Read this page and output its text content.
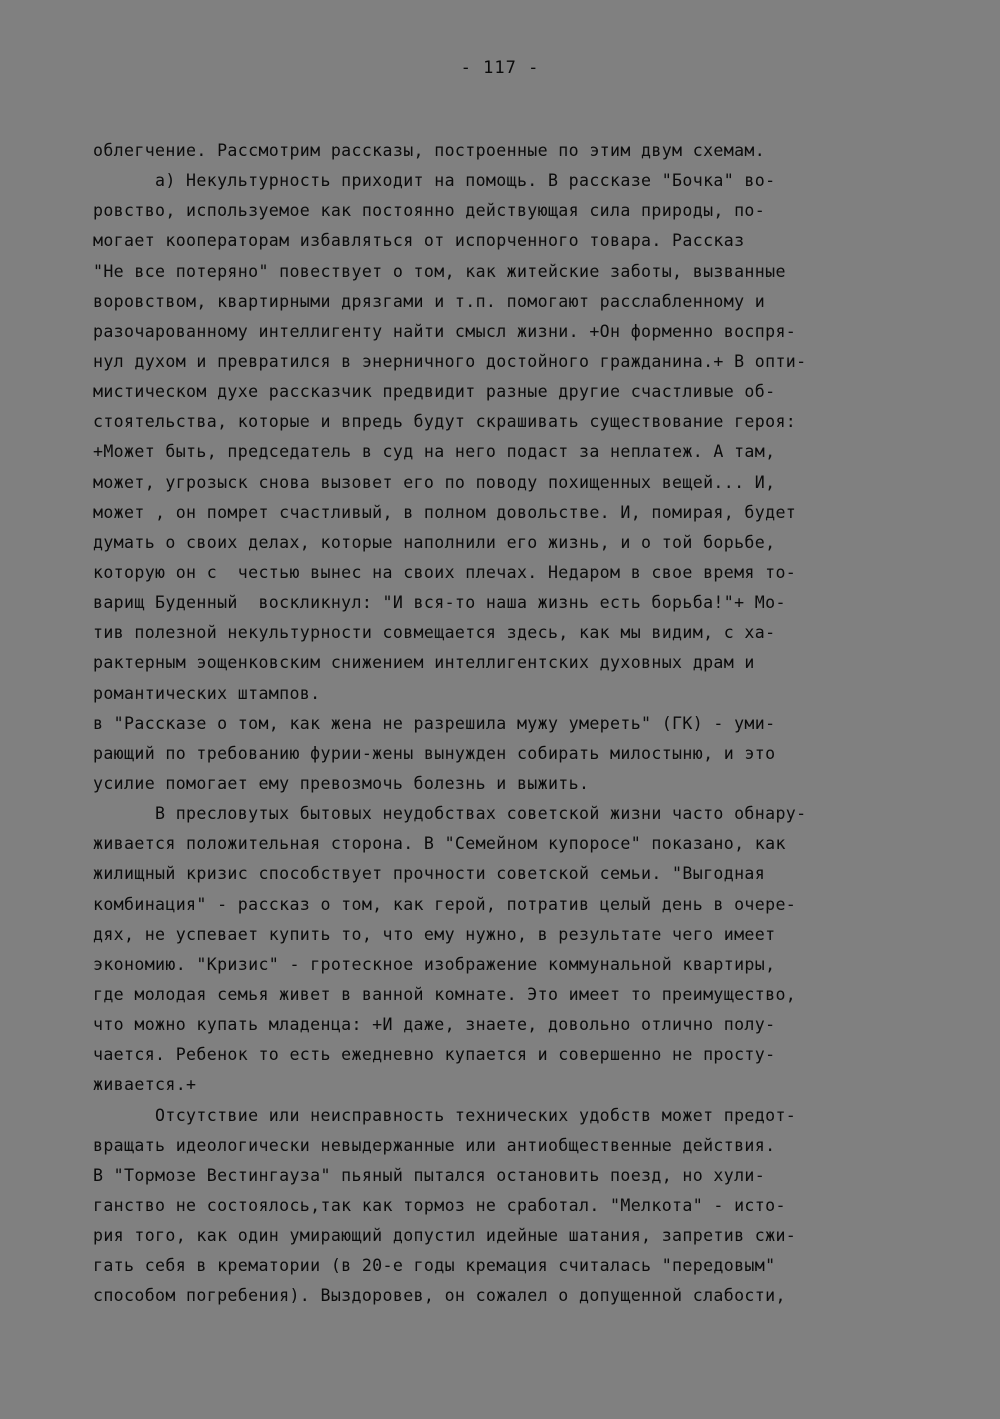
- 117 -
облегчение. Рассмотрим рассказы, построенные по этим двум схемам.
а) Некультурность приходит на помощь. В рассказе "Бочка" во-
ровство, используемое как постоянно действующая сила природы, по-
могает кооператорам избавляться от испорченного товара. Рассказ
"Не все потеряно" повествует о том, как житейские заботы, вызванные
воровством, квартирными дрязгами и т.п. помогают расслабленному и
разочарованному интеллигенту найти смысл жизни. +Он форменно воспря-
нул духом и превратился в энерничного достойного гражданина.+ В опти-
мистическом духе рассказчик предвидит разные другие счастливые об-
стоятельства, которые и впредь будут скрашивать существование героя:
+Может быть, председатель в суд на него подаст за неплатеж. А там,
может, угрозыск снова вызовет его по поводу похищенных вещей... И,
может , он помрет счастливый, в полном довольстве. И, помирая, будет
думать о своих делах, которые наполнили его жизнь, и о той борьбе,
которую он с  честью вынес на своих плечах. Недаром в свое время то-
варищ Буденный  воскликнул: "И вся-то наша жизнь есть борьба!"+ Мо-
тив полезной некультурности совмещается здесь, как мы видим, с ха-
рактерным эощенковским снижением интеллигентских духовных драм и
романтических штампов.
в "Рассказе о том, как жена не разрешила мужу умереть" (ГК) - уми-
рающий по требованию фурии-жены вынужден собирать милостыню, и это
усилие помогает ему превозмочь болезнь и выжить.
В пресловутых бытовых неудобствах советской жизни часто обнару-
живается положительная сторона. В "Семейном купоросе" показано, как
жилищный кризис способствует прочности советской семьи. "Выгодная
комбинация" - рассказ о том, как герой, потратив целый день в очере-
дях, не успевает купить то, что ему нужно, в результате чего имеет
экономию. "Кризис" - гротескное изображение коммунальной квартиры,
где молодая семья живет в ванной комнате. Это имеет то преимущество,
что можно купать младенца: +И даже, знаете, довольно отлично полу-
чается. Ребенок то есть ежедневно купается и совершенно не просту-
живается.+
Отсутствие или неисправность технических удобств может предот-
вращать идеологически невыдержанные или антиобщественные действия.
В "Тормозе Вестингауза" пьяный пытался остановить поезд, но хули-
ганство не состоялось,так как тормоз не сработал. "Мелкота" - исто-
рия того, как один умирающий допустил идейные шатания, запретив сжи-
гать себя в крематории (в 20-е годы кремация считалась "передовым"
способом погребения). Выздоровев, он сожалел о допущенной слабости,
